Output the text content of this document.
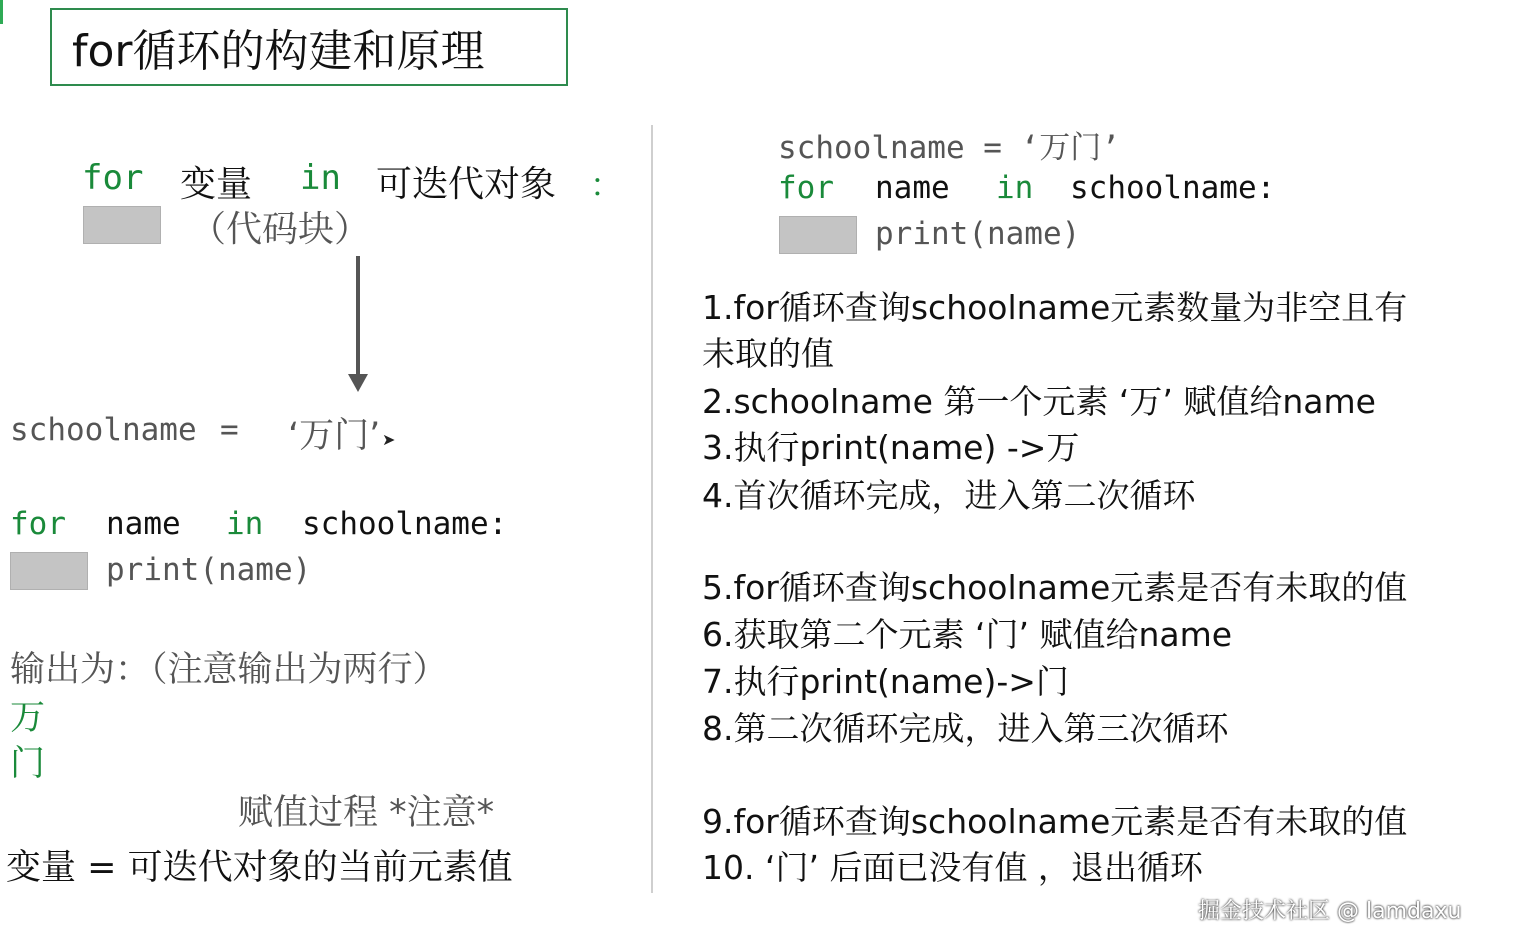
for循环的构建和原理
for 变量 in 可迭代对象 ：
（代码块）
schoolname = ‘万门’ ➤
for name in schoolname:
print(name)
输出为：（注意输出为两行）
万
门
赋值过程 *注意*
变量 = 可迭代对象的当前元素值
schoolname = ‘万门’
for name in schoolname:
print(name)
1.for循环查询schoolname元素数量为非空且有
未取的值
2.schoolname 第一个元素 ‘万’ 赋值给name
3.执行print(name) ->万
4.首次循环完成，进入第二次循环
5.for循环查询schoolname元素是否有未取的值
6.获取第二个元素 ‘门’ 赋值给name
7.执行print(name)->门
8.第二次循环完成，进入第三次循环
9.for循环查询schoolname元素是否有未取的值
10. ‘门’ 后面已没有值 ，退出循环
掘金技术社区 @ lamdaxu
